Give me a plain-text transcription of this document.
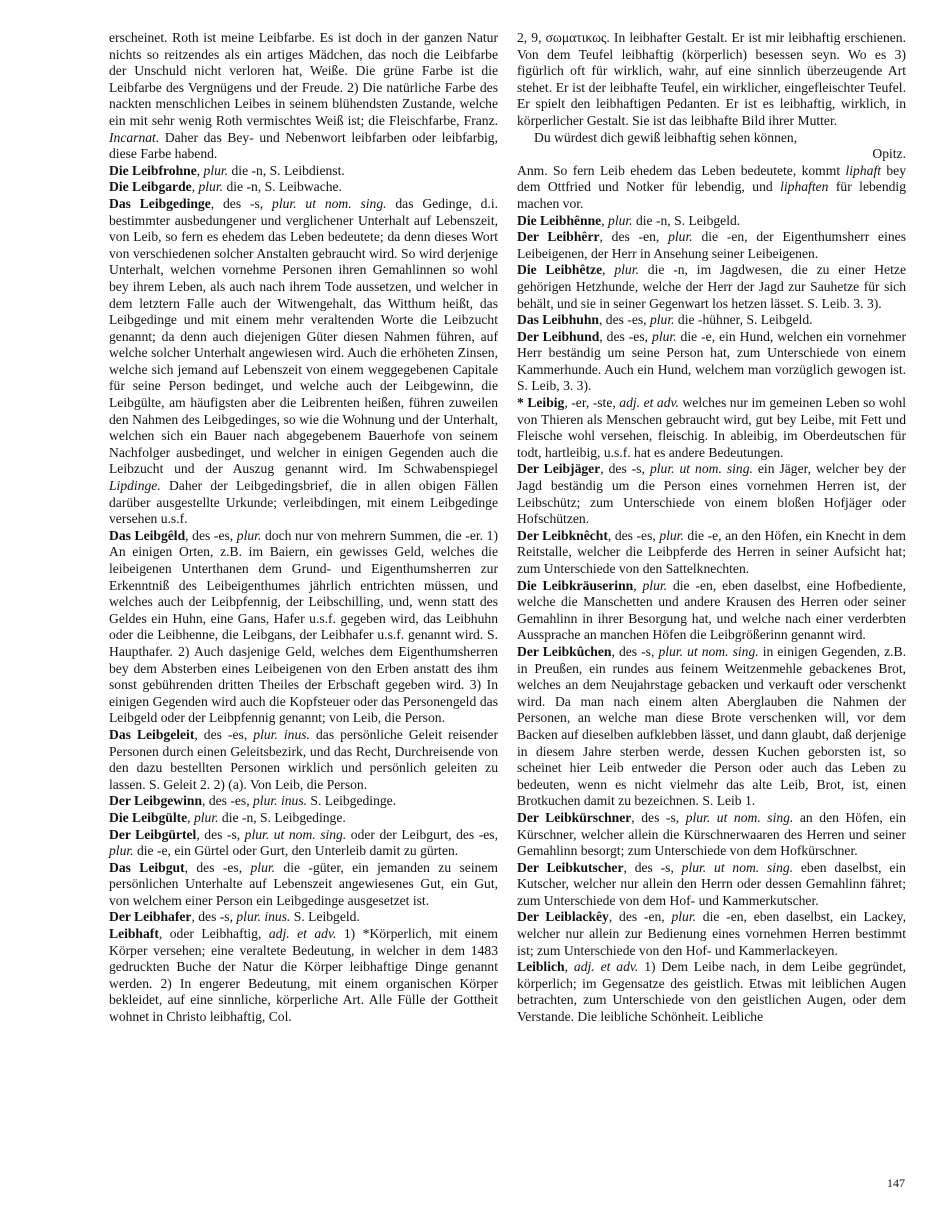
erscheinet. Roth ist meine Leibfarbe. Es ist doch in der ganzen Natur nichts so reitzendes als ein artiges Mädchen, das noch die Leibfarbe der Unschuld nicht verloren hat, Weiße. Die grüne Farbe ist die Leibfarbe des Vergnügens und der Freude. 2) Die natürliche Farbe des nackten menschlichen Leibes in seinem blühendsten Zustande, welche ein mit sehr wenig Roth vermischtes Weiß ist; die Fleischfarbe, Franz. Incarnat. Daher das Bey- und Nebenwort leibfarben oder leibfarbig, diese Farbe habend.

Die Leibfrohne, plur. die -n, S. Leibdienst.

Die Leibgarde, plur. die -n, S. Leibwache.

Das Leibgedinge, des -s, plur. ut nom. sing. das Gedinge, d.i. bestimmter ausbedungener und verglichener Unterhalt auf Lebenszeit, von Leib, so fern es ehedem das Leben bedeutete; da denn dieses Wort von verschiedenen solcher Anstalten gebraucht wird. So wird derjenige Unterhalt, welchen vornehme Personen ihren Gemahlinnen so wohl bey ihrem Leben, als auch nach ihrem Tode aussetzen, und welcher in dem letztern Falle auch der Witwengehalt, das Witthum heißt, das Leibgedinge und mit einem mehr veraltenden Worte die Leibzucht genannt; da denn auch diejenigen Güter diesen Nahmen führen, auf welche solcher Unterhalt angewiesen wird. Auch die erhöheten Zinsen, welche sich jemand auf Lebenszeit von einem weggegebenen Capitale für seine Person bedinget, und welche auch der Leibgewinn, die Leibgülte, am häufigsten aber die Leibrenten heißen, führen zuweilen den Nahmen des Leibgedinges, so wie die Wohnung und der Unterhalt, welchen sich ein Bauer nach abgegebenem Bauerhofe von seinem Nachfolger ausbedinget, und welcher in einigen Gegenden auch die Leibzucht und der Auszug genannt wird. Im Schwabenspiegel Lipdinge. Daher der Leibgedingsbrief, die in allen obigen Fällen darüber ausgestellte Urkunde; verleibdingen, mit einem Leibgedinge versehen u.s.f.

Das Leibgêld, des -es, plur. doch nur von mehrern Summen, die -er. 1) An einigen Orten, z.B. im Baiern, ein gewisses Geld, welches die leibeigenen Unterthanen dem Grund- und Eigenthumsherren zur Erkenntniß des Leibeigenthumes jährlich entrichten müssen, und welches auch der Leibpfennig, der Leibschilling, und, wenn statt des Geldes ein Huhn, eine Gans, Hafer u.s.f. gegeben wird, das Leibhuhn oder die Leibhenne, die Leibgans, der Leibhafer u.s.f. genannt wird. S. Haupthafer. 2) Auch dasjenige Geld, welches dem Eigenthumsherren bey dem Absterben eines Leibeigenen von den Erben anstatt des ihm sonst gebührenden dritten Theiles der Erbschaft gegeben wird. 3) In einigen Gegenden wird auch die Kopfsteuer oder das Personengeld das Leibgeld oder der Leibpfennig genannt; von Leib, die Person.

Das Leibgeleit, des -es, plur. inus. das persönliche Geleit reisender Personen durch einen Geleitsbezirk, und das Recht, Durchreisende von den dazu bestellten Personen wirklich und persönlich geleiten zu lassen. S. Geleit 2. 2) (a). Von Leib, die Person.

Der Leibgewinn, des -es, plur. inus. S. Leibgedinge.

Die Leibgülte, plur. die -n, S. Leibgedinge.

Der Leibgürtel, des -s, plur. ut nom. sing. oder der Leibgurt, des -es, plur. die -e, ein Gürtel oder Gurt, den Unterleib damit zu gürten.

Das Leibgut, des -es, plur. die -güter, ein jemanden zu seinem persönlichen Unterhalte auf Lebenszeit angewiesenes Gut, ein Gut, von welchem einer Person ein Leibgedinge ausgesetzet ist.

Der Leibhafer, des -s, plur. inus. S. Leibgeld.

Leibhaft, oder Leibhaftig, adj. et adv. 1) *Körperlich, mit einem Körper versehen; eine veraltete Bedeutung, in welcher in dem 1483 gedruckten Buche der Natur die Körper leibhaftige Dinge genannt werden. 2) In engerer Bedeutung, mit einem organischen Körper bekleidet, auf eine sinnliche, körperliche Art. Alle Fülle der Gottheit wohnet in Christo leibhaftig, Col.

2, 9, σωματικως. In leibhafter Gestalt. Er ist mir leibhaftig erschienen. Von dem Teufel leibhaftig (körperlich) besessen seyn. Wo es 3) figürlich oft für wirklich, wahr, auf eine sinnlich überzeugende Art stehet. Er ist der leibhafte Teufel, ein wirklicher, eingefleischter Teufel. Er spielt den leibhaftigen Pedanten. Er ist es leibhaftig, wirklich, in körperlicher Gestalt. Sie ist das leibhafte Bild ihrer Mutter.

Du würdest dich gewiß leibhaftig sehen können,

Opitz.

Anm. So fern Leib ehedem das Leben bedeutete, kommt liphaft bey dem Ottfried und Notker für lebendig, und liphaften für lebendig machen vor.

Die Leibhênne, plur. die -n, S. Leibgeld.

Der Leibhêrr, des -en, plur. die -en, der Eigenthumsherr eines Leibeigenen, der Herr in Ansehung seiner Leibeigenen.

Die Leibhêtze, plur. die -n, im Jagdwesen, die zu einer Hetze gehörigen Hetzhunde, welche der Herr der Jagd zur Sauhetze für sich behält, und sie in seiner Gegenwart los hetzen lässet. S. Leib. 3. 3).

Das Leibhuhn, des -es, plur. die -hühner, S. Leibgeld.

Der Leibhund, des -es, plur. die -e, ein Hund, welchen ein vornehmer Herr beständig um seine Person hat, zum Unterschiede von einem Kammerhunde. Auch ein Hund, welchem man vorzüglich gewogen ist. S. Leib, 3. 3).

* Leibig, -er, -ste, adj. et adv. welches nur im gemeinen Leben so wohl von Thieren als Menschen gebraucht wird, gut bey Leibe, mit Fett und Fleische wohl versehen, fleischig. In ableibig, im Oberdeutschen für todt, hartleibig, u.s.f. hat es andere Bedeutungen.

Der Leibjäger, des -s, plur. ut nom. sing. ein Jäger, welcher bey der Jagd beständig um die Person eines vornehmen Herren ist, der Leibschütz; zum Unterschiede von einem bloßen Hofjäger oder Hofschützen.

Der Leibknêcht, des -es, plur. die -e, an den Höfen, ein Knecht in dem Reitstalle, welcher die Leibpferde des Herren in seiner Aufsicht hat; zum Unterschiede von den Sattelknechten.

Die Leibkräuserinn, plur. die -en, eben daselbst, eine Hofbediente, welche die Manschetten und andere Krausen des Herren oder seiner Gemahlinn in ihrer Besorgung hat, und welche nach einer verderbten Aussprache an manchen Höfen die Leibgrößerinn genannt wird.

Der Leibkûchen, des -s, plur. ut nom. sing. in einigen Gegenden, z.B. in Preußen, ein rundes aus feinem Weitzenmehle gebackenes Brot, welches an dem Neujahrstage gebacken und verkauft oder verschenkt wird. Da man nach einem alten Aberglauben die Nahmen der Personen, an welche man diese Brote verschenken will, vor dem Backen auf dieselben aufklebben lässet, und dann glaubt, daß derjenige in diesem Jahre sterben werde, dessen Kuchen geborsten ist, so scheinet hier Leib entweder die Person oder auch das Leben zu bedeuten, wenn es nicht vielmehr das alte Leib, Brot, ist, einen Brotkuchen damit zu bezeichnen. S. Leib 1.

Der Leibkürschner, des -s, plur. ut nom. sing. an den Höfen, ein Kürschner, welcher allein die Kürschnerwaaren des Herren und seiner Gemahlinn besorgt; zum Unterschiede von dem Hofkürschner.

Der Leibkutscher, des -s, plur. ut nom. sing. eben daselbst, ein Kutscher, welcher nur allein den Herrn oder dessen Gemahlinn fähret; zum Unterschiede von dem Hof- und Kammerkutscher.

Der Leiblackêy, des -en, plur. die -en, eben daselbst, ein Lackey, welcher nur allein zur Bedienung eines vornehmen Herren bestimmt ist; zum Unterschiede von den Hof- und Kammerlackeyen.

Leiblich, adj. et adv. 1) Dem Leibe nach, in dem Leibe gegründet, körperlich; im Gegensatze des geistlich. Etwas mit leiblichen Augen betrachten, zum Unterschiede von den geistlichen Augen, oder dem Verstande. Die leibliche Schönheit. Leibliche

147
